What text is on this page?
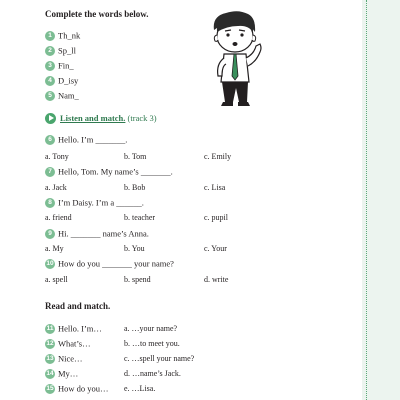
Complete the words below.
1 Th_nk
2 Sp_ll
3 Fin_
4 D_isy
5 Nam_
Listen and match. (track 3)
6 Hello. I’m _______.
a. Tony	b. Tom	c. Emily
7 Hello, Tom. My name’s _______.
a. Jack	b. Bob	c. Lisa
8 I’m Daisy. I’m a ______.
a. friend	b. teacher	c. pupil
9 Hi. _______ name’s Anna.
a. My	b. You	c. Your
10 How do you _______ your name?
a. spell	b. spend	d. write
Read and match.
11 Hello. I’m…	a. …your name?
12 What’s…	b. …to meet you.
13 Nice…	c. …spell your name?
14 My…	d. …name’s Jack.
15 How do you… e. …Lisa.
